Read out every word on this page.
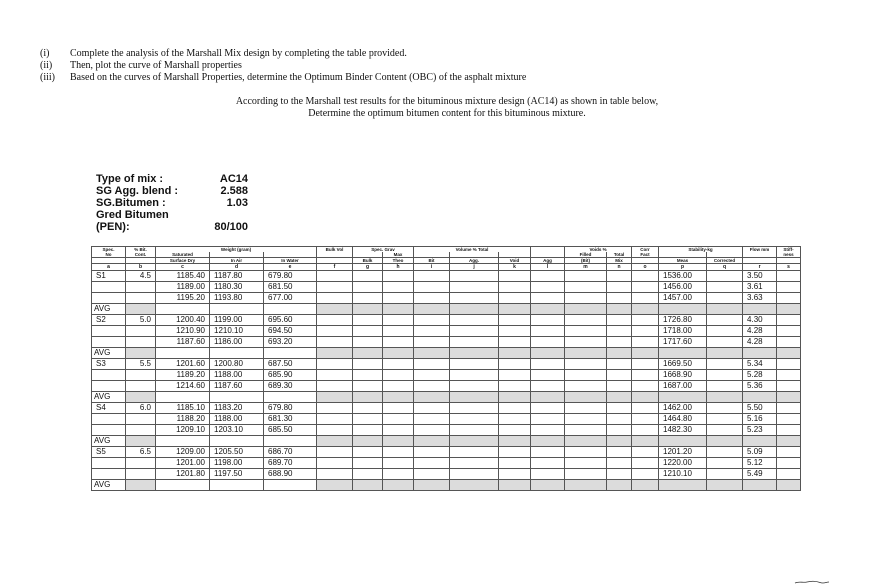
(i)	Complete the analysis of the Marshall Mix design by completing the table provided.
(ii)	Then, plot the curve of Marshall properties
(iii)	Based on the curves of Marshall Properties, determine the Optimum Binder Content (OBC) of the asphalt mixture
According to the Marshall test results for the bituminous mixture design (AC14) as shown in table below,
Determine the optimum bitumen content for this bituminous mixture.
Type of mix :	AC14
SG Agg. blend :	2.588
SG.Bitumen :	1.03
Gred Bitumen
(PEN):	80/100
Spec.	% Bit.	Weight (gram)			Bulk Vol	Spec. Grav		Volume % Total				Voids %		Corr	Stability-kg		Flow mm	Stiff-
No	Cont.	Saturated					Max					Filled	Total	Fact				ness
		Surface Dry	In Air	In Water		Bulk	Theo	Bit	Agg.	Void	Agg	(Bit)	Mix		Meas	Corrected		
a	b	c	d	e	f	g	h	i	j	k	l	m	n	o	p	q	r	s
S1	4.5	1185.40	1187.80	679.80											1536.00		3.50	
		1189.00	1180.30	681.50											1456.00		3.61	
		1195.20	1193.80	677.00											1457.00		3.63	
AVG																		
S2	5.0	1200.40	1199.00	695.60											1726.80		4.30	
		1210.90	1210.10	694.50											1718.00		4.28	
		1187.60	1186.00	693.20											1717.60		4.28	
AVG																		
S3	5.5	1201.60	1200.80	687.50											1669.50		5.34	
		1189.20	1188.00	685.90											1668.90		5.28	
		1214.60	1187.60	689.30											1687.00		5.36	
AVG																		
S4	6.0	1185.10	1183.20	679.80											1462.00		5.50	
		1188.20	1188.00	681.30											1464.80		5.16	
		1209.10	1203.10	685.50											1482.30		5.23	
AVG																		
S5	6.5	1209.00	1205.50	686.70											1201.20		5.09	
		1201.00	1198.00	689.70											1220.00		5.12	
		1201.80	1197.50	688.90											1210.10		5.49	
AVG																		
